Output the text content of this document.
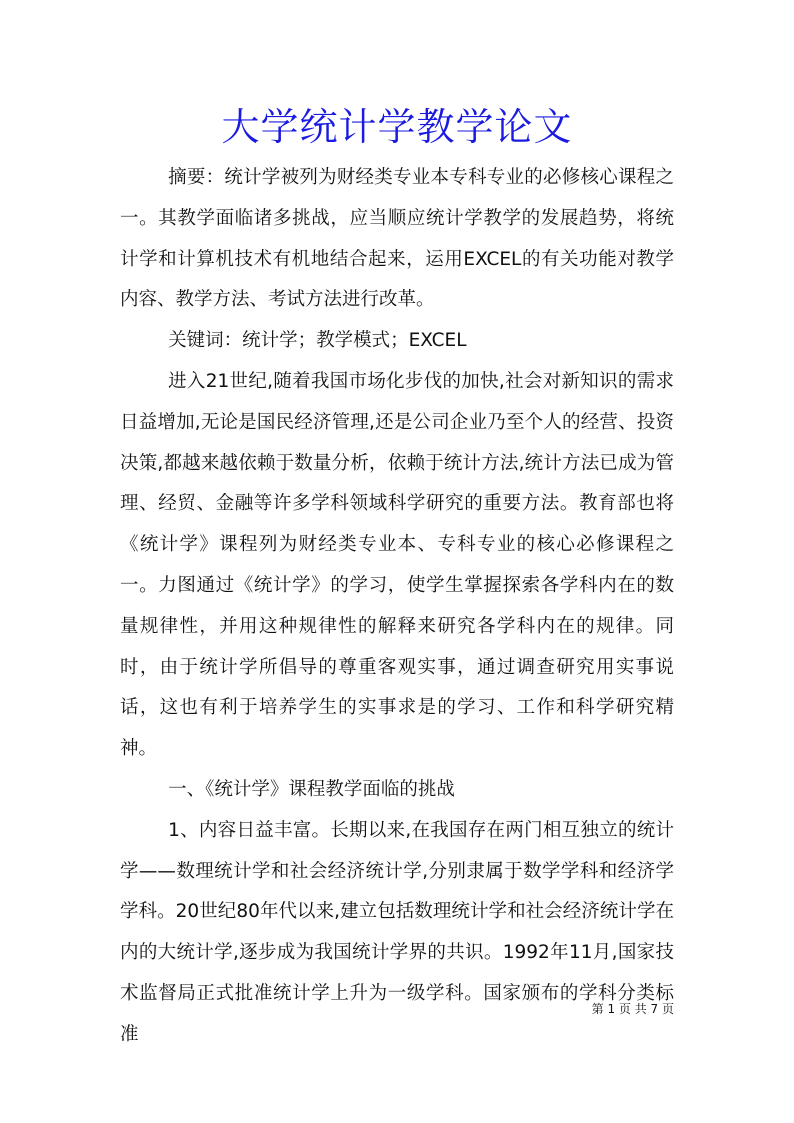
大学统计学教学论文

摘要：统计学被列为财经类专业本专科专业的必修核心课程之一。其教学面临诸多挑战，应当顺应统计学教学的发展趋势，将统计学和计算机技术有机地结合起来，运用EXCEL的有关功能对教学内容、教学方法、考试方法进行改革。

关键词：统计学；教学模式；EXCEL

进入21世纪,随着我国市场化步伐的加快,社会对新知识的需求日益增加,无论是国民经济管理,还是公司企业乃至个人的经营、投资决策,都越来越依赖于数量分析，依赖于统计方法,统计方法已成为管理、经贸、金融等许多学科领域科学研究的重要方法。教育部也将《统计学》课程列为财经类专业本、专科专业的核心必修课程之一。力图通过《统计学》的学习，使学生掌握探索各学科内在的数量规律性，并用这种规律性的解释来研究各学科内在的规律。同时，由于统计学所倡导的尊重客观实事，通过调查研究用实事说话，这也有利于培养学生的实事求是的学习、工作和科学研究精神。

一、《统计学》课程教学面临的挑战

1、内容日益丰富。长期以来,在我国存在两门相互独立的统计学——数理统计学和社会经济统计学,分别隶属于数学学科和经济学学科。20世纪80年代以来,建立包括数理统计学和社会经济统计学在内的大统计学,逐步成为我国统计学界的共识。1992年11月,国家技术监督局正式批准统计学上升为一级学科。国家颁布的学科分类标准

第 1 页 共 7 页
